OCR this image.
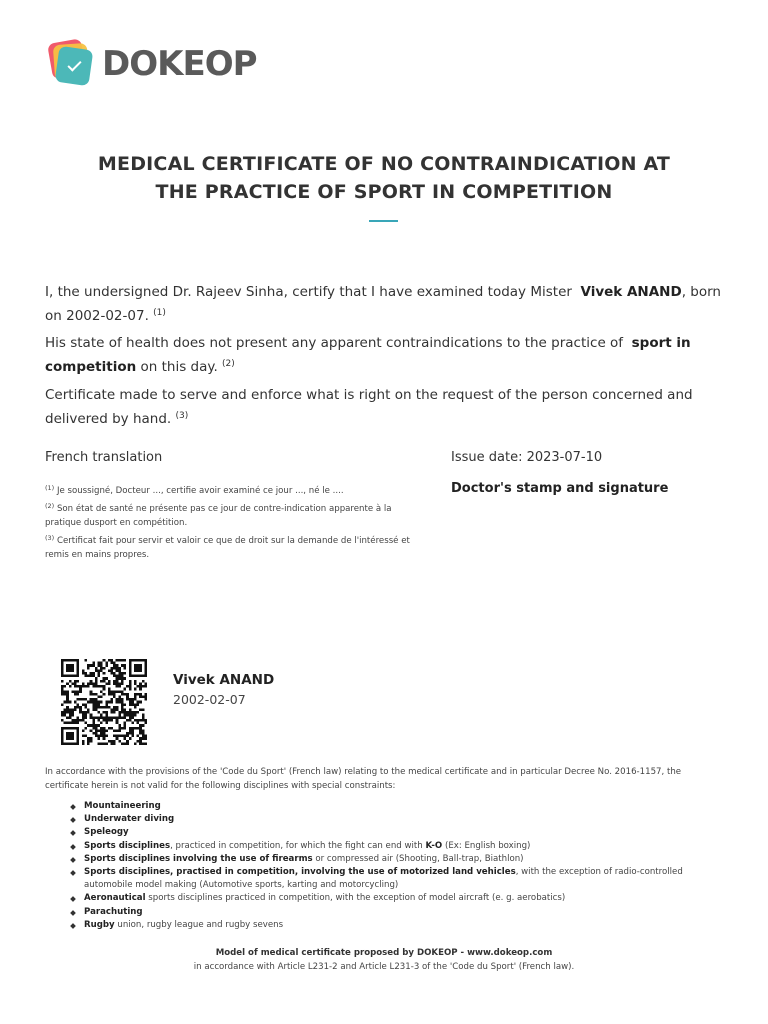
DOKEOP
MEDICAL CERTIFICATE OF NO CONTRAINDICATION AT
THE PRACTICE OF SPORT IN COMPETITION

I, the undersigned Dr. Rajeev Sinha, certify that I have examined today Mister  Vivek ANAND, born on 2002-02-07. $^{(1)}$

His state of health does not present any apparent contraindications to the practice of  sport in competition on this day. $^{(2)}$

Certificate made to serve and enforce what is right on the request of the person concerned and delivered by hand. $^{(3)}$

French translation
$^{(1)}$ Je soussigné, Docteur ..., certifie avoir examiné ce jour ..., né le ....
$^{(2)}$ Son état de santé ne présente pas ce jour de contre-indication apparente à la pratique dusport en compétition.
$^{(3)}$ Certificat fait pour servir et valoir ce que de droit sur la demande de l'intéressé et remis en mains propres.
Issue date: 2023-07-10
Doctor's stamp and signature
Vivek ANAND
2002-02-07

In accordance with the provisions of the 'Code du Sport' (French law) relating to the medical certificate and in particular Decree No. 2016-1157, the certificate herein is not valid for the following disciplines with special constraints:

Mountaineering
Underwater diving
Speleogy
Sports disciplines, practiced in competition, for which the fight can end with K-O (Ex: English boxing)
Sports disciplines involving the use of firearms or compressed air (Shooting, Ball-trap, Biathlon)
Sports disciplines, practised in competition, involving the use of motorized land vehicles, with the exception of radio-controlled automobile model making (Automotive sports, karting and motorcycling)
Aeronautical sports disciplines practiced in competition, with the exception of model aircraft (e. g. aerobatics)
Parachuting
Rugby union, rugby league and rugby sevens
Model of medical certificate proposed by DOKEOP - www.dokeop.com
in accordance with Article L231-2 and Article L231-3 of the 'Code du Sport' (French law).
